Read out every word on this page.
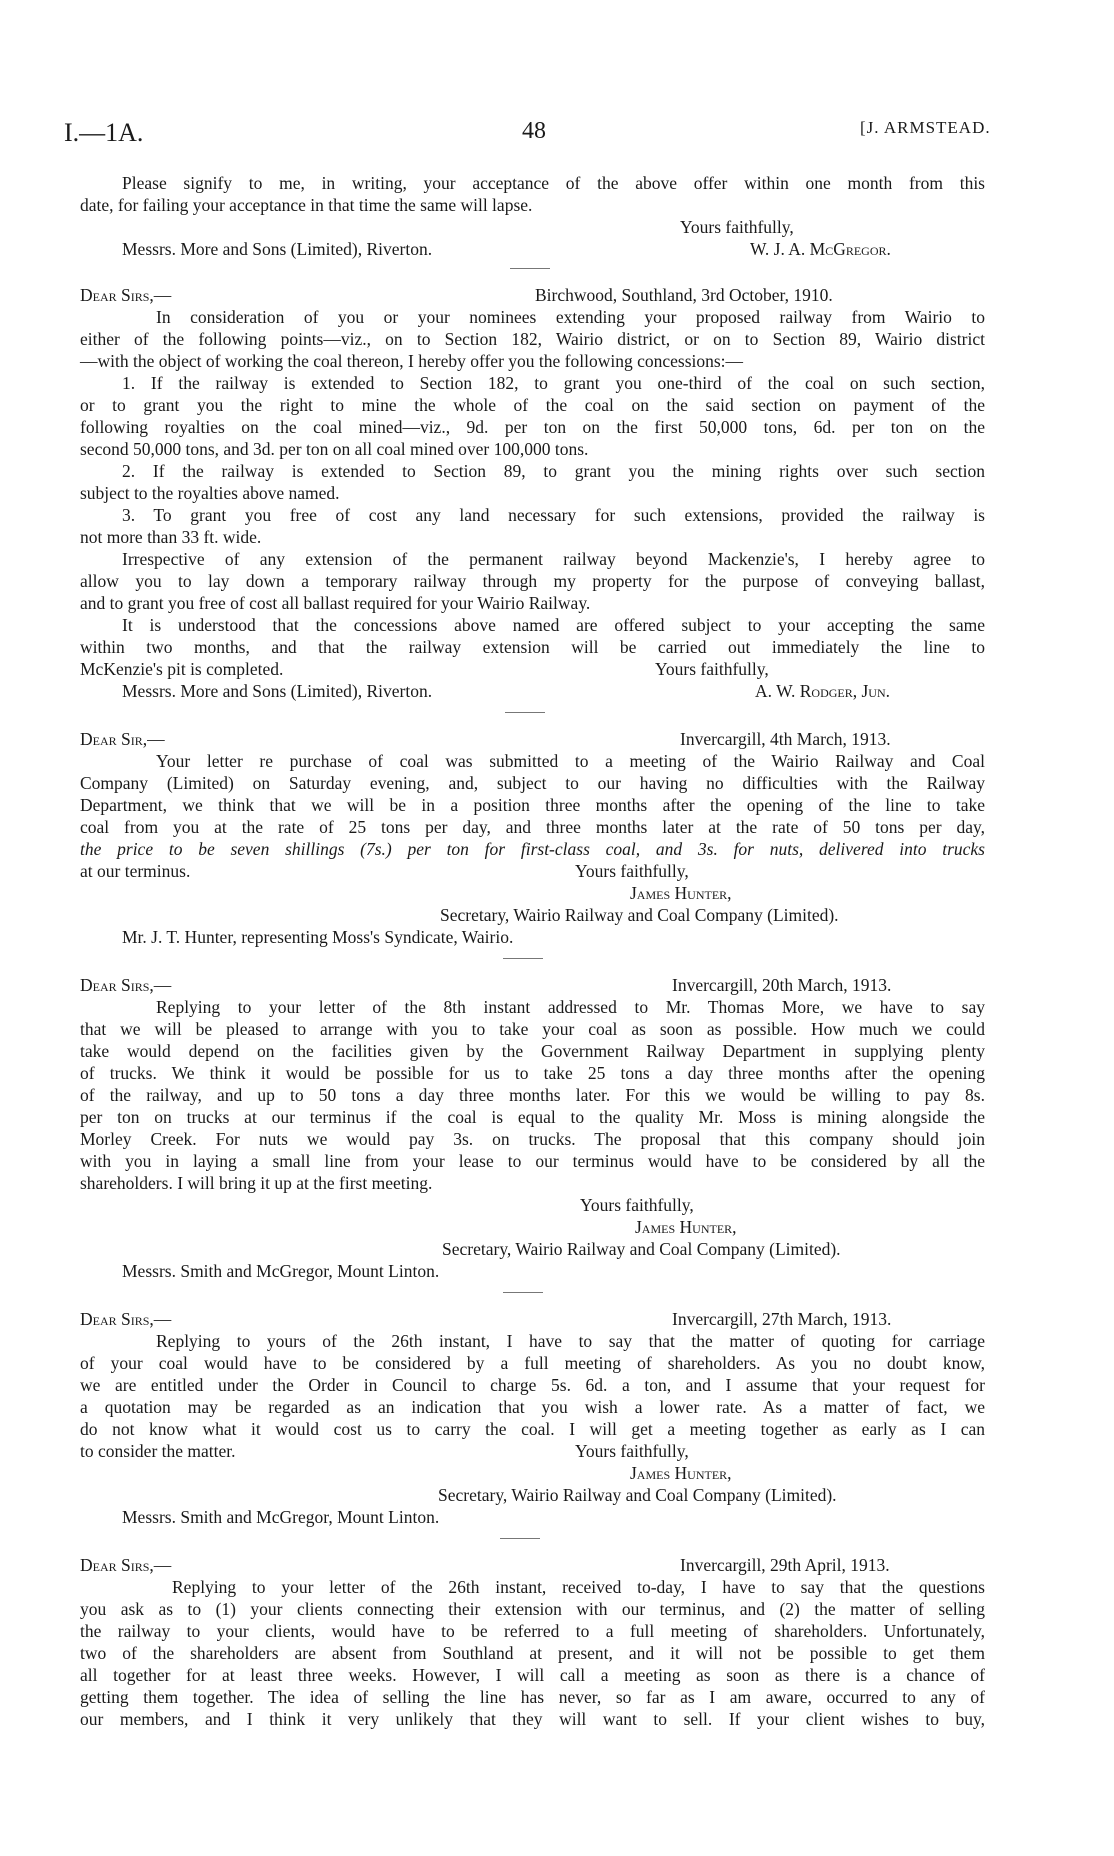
I.—1A.	48	[J. ARMSTEAD.
Please signify to me, in writing, your acceptance of the above offer within one month from this
date, for failing your acceptance in that time the same will lapse.
Yours faithfully,
Messrs. More and Sons (Limited), Riverton.	W. J. A. McGregor.
Dear Sirs,—	Birchwood, Southland, 3rd October, 1910.
In consideration of you or your nominees extending your proposed railway from Wairio to
either of the following points—viz., on to Section 182, Wairio district, or on to Section 89, Wairio district
—with the object of working the coal thereon, I hereby offer you the following concessions:—
1. If the railway is extended to Section 182, to grant you one-third of the coal on such section,
or to grant you the right to mine the whole of the coal on the said section on payment of the
following royalties on the coal mined—viz., 9d. per ton on the first 50,000 tons, 6d. per ton on the
second 50,000 tons, and 3d. per ton on all coal mined over 100,000 tons.
2. If the railway is extended to Section 89, to grant you the mining rights over such section
subject to the royalties above named.
3. To grant you free of cost any land necessary for such extensions, provided the railway is
not more than 33 ft. wide.
Irrespective of any extension of the permanent railway beyond Mackenzie's, I hereby agree to
allow you to lay down a temporary railway through my property for the purpose of conveying ballast,
and to grant you free of cost all ballast required for your Wairio Railway.
It is understood that the concessions above named are offered subject to your accepting the same
within two months, and that the railway extension will be carried out immediately the line to
McKenzie's pit is completed.	Yours faithfully,
Messrs. More and Sons (Limited), Riverton.	A. W. Rodger, Jun.
Dear Sir,—	Invercargill, 4th March, 1913.
Your letter re purchase of coal was submitted to a meeting of the Wairio Railway and Coal
Company (Limited) on Saturday evening, and, subject to our having no difficulties with the Railway
Department, we think that we will be in a position three months after the opening of the line to take
coal from you at the rate of 25 tons per day, and three months later at the rate of 50 tons per day,
the price to be seven shillings (7s.) per ton for first-class coal, and 3s. for nuts, delivered into trucks
at our terminus.	Yours faithfully,
James Hunter,
Secretary, Wairio Railway and Coal Company (Limited).
Mr. J. T. Hunter, representing Moss's Syndicate, Wairio.
Dear Sirs,—	Invercargill, 20th March, 1913.
Replying to your letter of the 8th instant addressed to Mr. Thomas More, we have to say
that we will be pleased to arrange with you to take your coal as soon as possible. How much we could
take would depend on the facilities given by the Government Railway Department in supplying plenty
of trucks. We think it would be possible for us to take 25 tons a day three months after the opening
of the railway, and up to 50 tons a day three months later. For this we would be willing to pay 8s.
per ton on trucks at our terminus if the coal is equal to the quality Mr. Moss is mining alongside the
Morley Creek. For nuts we would pay 3s. on trucks. The proposal that this company should join
with you in laying a small line from your lease to our terminus would have to be considered by all the
shareholders. I will bring it up at the first meeting.
Yours faithfully,
James Hunter,
Secretary, Wairio Railway and Coal Company (Limited).
Messrs. Smith and McGregor, Mount Linton.
Dear Sirs,—	Invercargill, 27th March, 1913.
Replying to yours of the 26th instant, I have to say that the matter of quoting for carriage
of your coal would have to be considered by a full meeting of shareholders. As you no doubt know,
we are entitled under the Order in Council to charge 5s. 6d. a ton, and I assume that your request for
a quotation may be regarded as an indication that you wish a lower rate. As a matter of fact, we
do not know what it would cost us to carry the coal. I will get a meeting together as early as I can
to consider the matter.	Yours faithfully,
James Hunter,
Secretary, Wairio Railway and Coal Company (Limited).
Messrs. Smith and McGregor, Mount Linton.
Dear Sirs,—	Invercargill, 29th April, 1913.
Replying to your letter of the 26th instant, received to-day, I have to say that the questions
you ask as to (1) your clients connecting their extension with our terminus, and (2) the matter of selling
the railway to your clients, would have to be referred to a full meeting of shareholders. Unfortunately,
two of the shareholders are absent from Southland at present, and it will not be possible to get them
all together for at least three weeks. However, I will call a meeting as soon as there is a chance of
getting them together. The idea of selling the line has never, so far as I am aware, occurred to any of
our members, and I think it very unlikely that they will want to sell. If your client wishes to buy,
